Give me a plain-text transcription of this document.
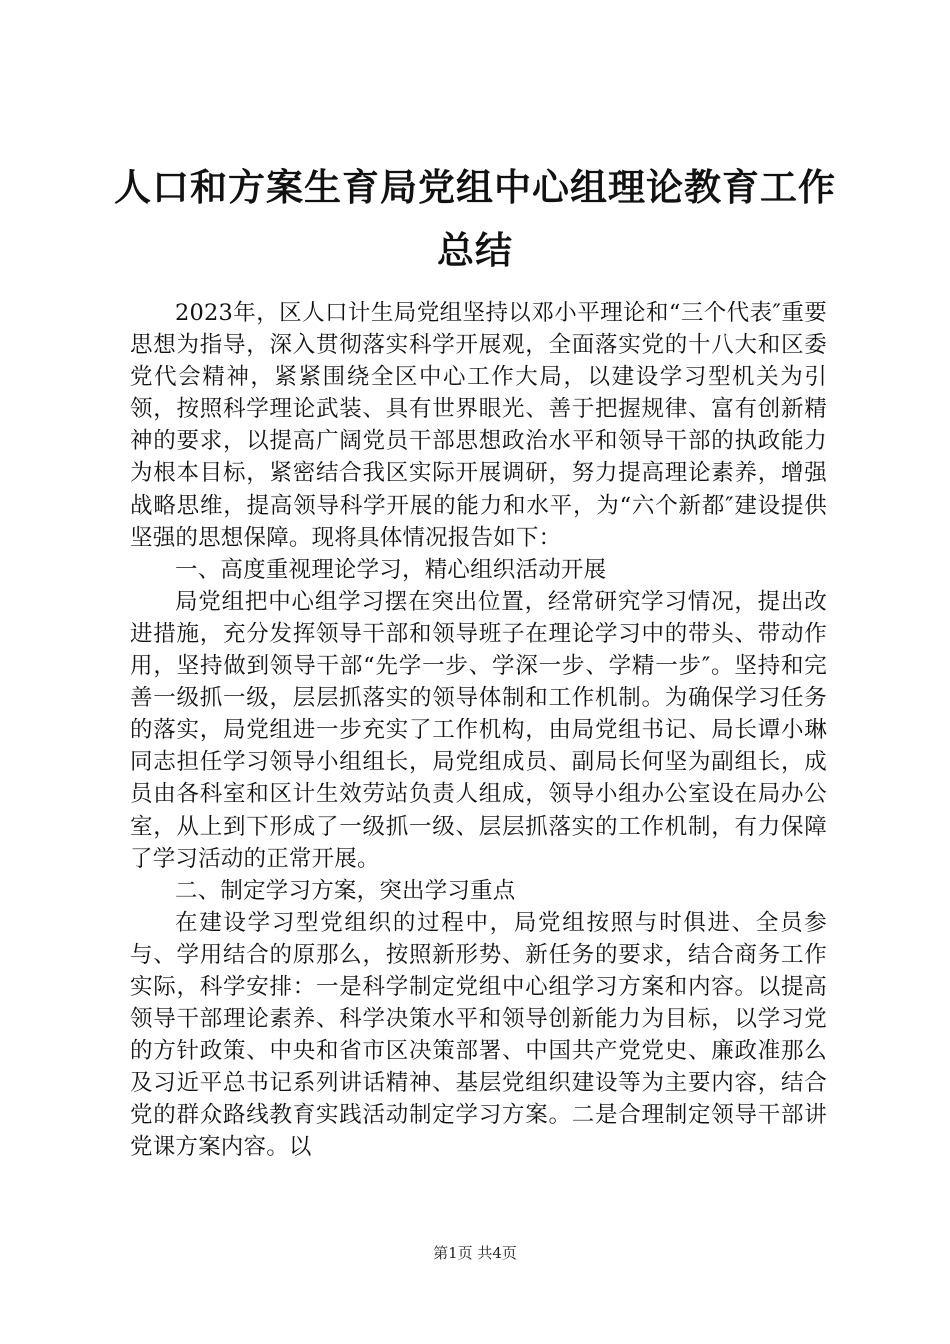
人口和方案生育局党组中心组理论教育工作总结

2023年，区人口计生局党组坚持以邓小平理论和“三个代表″重要思想为指导，深入贯彻落实科学开展观，全面落实党的十八大和区委党代会精神，紧紧围绕全区中心工作大局，以建设学习型机关为引领，按照科学理论武装、具有世界眼光、善于把握规律、富有创新精神的要求，以提高广阔党员干部思想政治水平和领导干部的执政能力为根本目标，紧密结合我区实际开展调研，努力提高理论素养，增强战略思维，提高领导科学开展的能力和水平，为“六个新都″建设提供坚强的思想保障。现将具体情况报告如下：

一、高度重视理论学习，精心组织活动开展

局党组把中心组学习摆在突出位置，经常研究学习情况，提出改进措施，充分发挥领导干部和领导班子在理论学习中的带头、带动作用，坚持做到领导干部“先学一步、学深一步、学精一步″。坚持和完善一级抓一级，层层抓落实的领导体制和工作机制。为确保学习任务的落实，局党组进一步充实了工作机构，由局党组书记、局长谭小琳同志担任学习领导小组组长，局党组成员、副局长何坚为副组长，成员由各科室和区计生效劳站负责人组成，领导小组办公室设在局办公室，从上到下形成了一级抓一级、层层抓落实的工作机制，有力保障了学习活动的正常开展。

二、制定学习方案，突出学习重点

在建设学习型党组织的过程中，局党组按照与时俱进、全员参与、学用结合的原那么，按照新形势、新任务的要求，结合商务工作实际，科学安排：一是科学制定党组中心组学习方案和内容。以提高领导干部理论素养、科学决策水平和领导创新能力为目标，以学习党的方针政策、中央和省市区决策部署、中国共产党党史、廉政准那么及习近平总书记系列讲话精神、基层党组织建设等为主要内容，结合党的群众路线教育实践活动制定学习方案。二是合理制定领导干部讲党课方案内容。以

第1页 共4页
